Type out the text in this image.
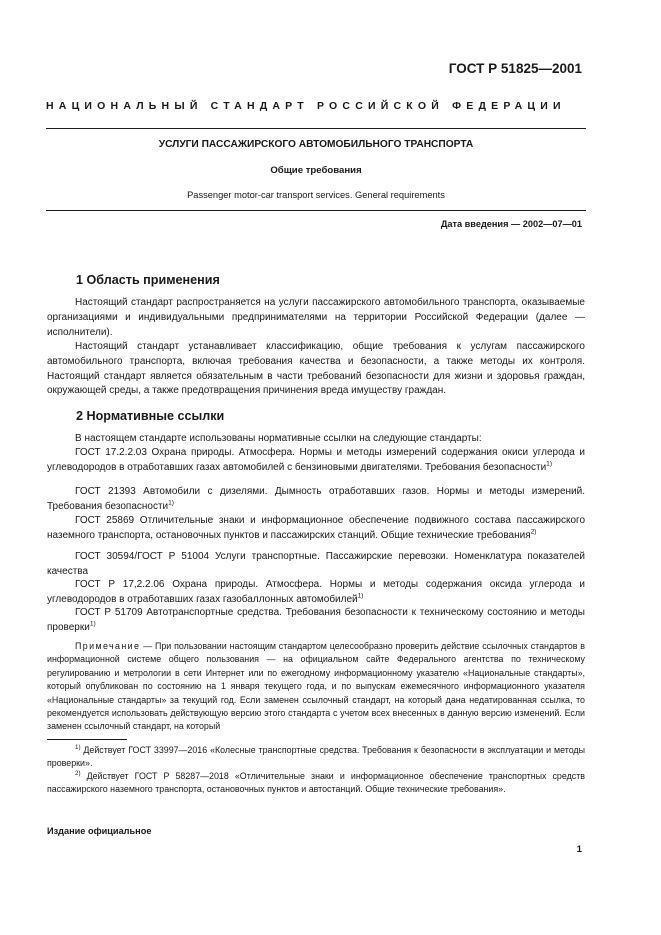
ГОСТ Р 51825—2001
НАЦИОНАЛЬНЫЙ СТАНДАРТ РОССИЙСКОЙ ФЕДЕРАЦИИ
УСЛУГИ ПАССАЖИРСКОГО АВТОМОБИЛЬНОГО ТРАНСПОРТА
Общие требования
Passenger motor-car transport services. General requirements
Дата введения — 2002—07—01
1 Область применения

Настоящий стандарт распространяется на услуги пассажирского автомобильного транспорта, оказываемые организациями и индивидуальными предпринимателями на территории Российской Федерации (далее — исполнители).

Настоящий стандарт устанавливает классификацию, общие требования к услугам пассажирского автомобильного транспорта, включая требования качества и безопасности, а также методы их контроля. Настоящий стандарт является обязательным в части требований безопасности для жизни и здоровья граждан, окружающей среды, а также предотвращения причинения вреда имуществу граждан.

2 Нормативные ссылки

В настоящем стандарте использованы нормативные ссылки на следующие стандарты:

ГОСТ 17.2.2.03 Охрана природы. Атмосфера. Нормы и методы измерений содержания окиси углерода и углеводородов в отработавших газах автомобилей с бензиновыми двигателями. Требования безопасности$^{1)}$

ГОСТ 21393 Автомобили с дизелями. Дымность отработавших газов. Нормы и методы измерений. Требования безопасности$^{1)}$

ГОСТ 25869 Отличительные знаки и информационное обеспечение подвижного состава пассажирского наземного транспорта, остановочных пунктов и пассажирских станций. Общие технические требования$^{2)}$

ГОСТ 30594/ГОСТ Р 51004 Услуги транспортные. Пассажирские перевозки. Номенклатура показателей качества

ГОСТ Р 17,2.2.06 Охрана природы. Атмосфера. Нормы и методы содержания оксида углерода и углеводородов в отработавших газах газобаллонных автомобилей$^{1)}$

ГОСТ Р 51709 Автотранспортные средства. Требования безопасности к техническому состоянию и методы проверки$^{1)}$

Примечание — При пользовании настоящим стандартом целесообразно проверить действие ссылочных стандартов в информационной системе общего пользования — на официальном сайте Федерального агентства по техническому регулированию и метрологии в сети Интернет или по ежегодному информационному указателю «Национальные стандарты», который опубликован по состоянию на 1 января текущего года, и по выпускам ежемесячного информационного указателя «Национальные стандарты» за текущий год. Если заменен ссылочный стандарт, на который дана недатированная ссылка, то рекомендуется использовать действующую версию этого стандарта с учетом всех внесенных в данную версию изменений. Если заменен ссылочный стандарт, на который

$^{1)}$ Действует ГОСТ 33997—2016 «Колесные транспортные средства. Требования к безопасности в эксплуатации и методы проверки».

$^{2)}$ Действует ГОСТ Р 58287—2018 «Отличительные знаки и информационное обеспечение транспортных средств пассажирского наземного транспорта, остановочных пунктов и автостанций. Общие технические требования».

Издание официальное
1
